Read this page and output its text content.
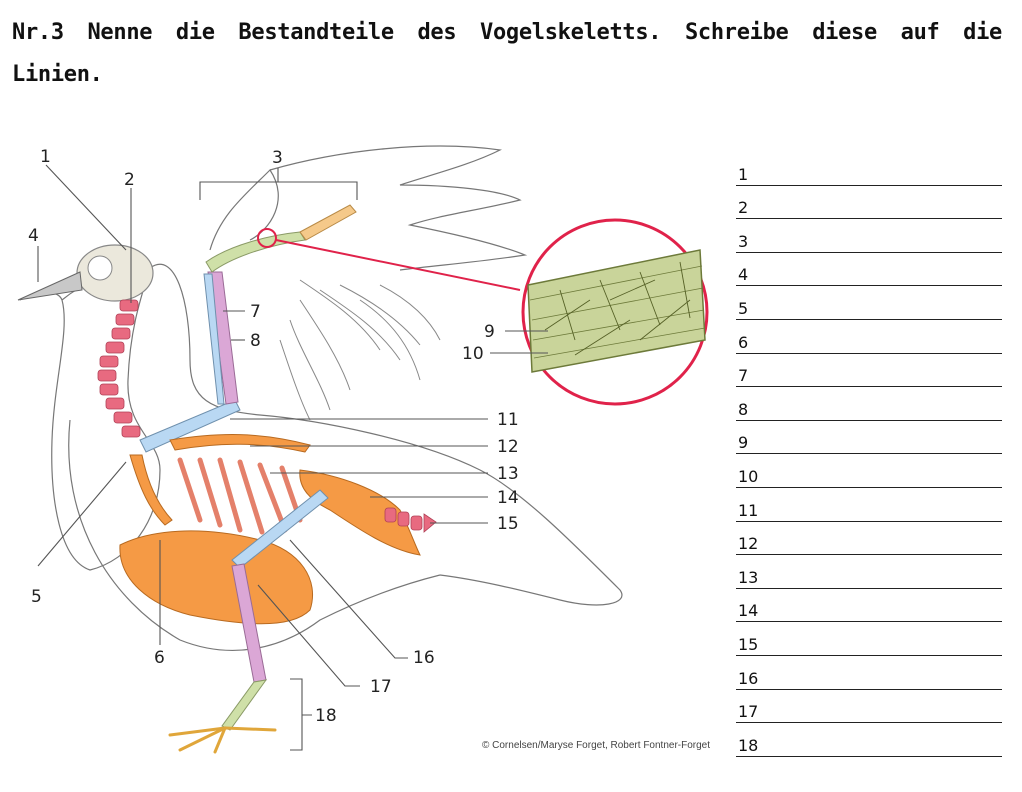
Nr.3 Nenne die Bestandteile des Vogelskeletts. Schreibe diese auf die Linien.
1
2
3
4
5
6
7
8	9
10
11
12
13
14
15
16
17
18
© Cornelsen/Maryse Forget, Robert Fontner-Forget
1
2
3
4
5
6
7
8
9
10
11
12
13
14
15
16
17
18
